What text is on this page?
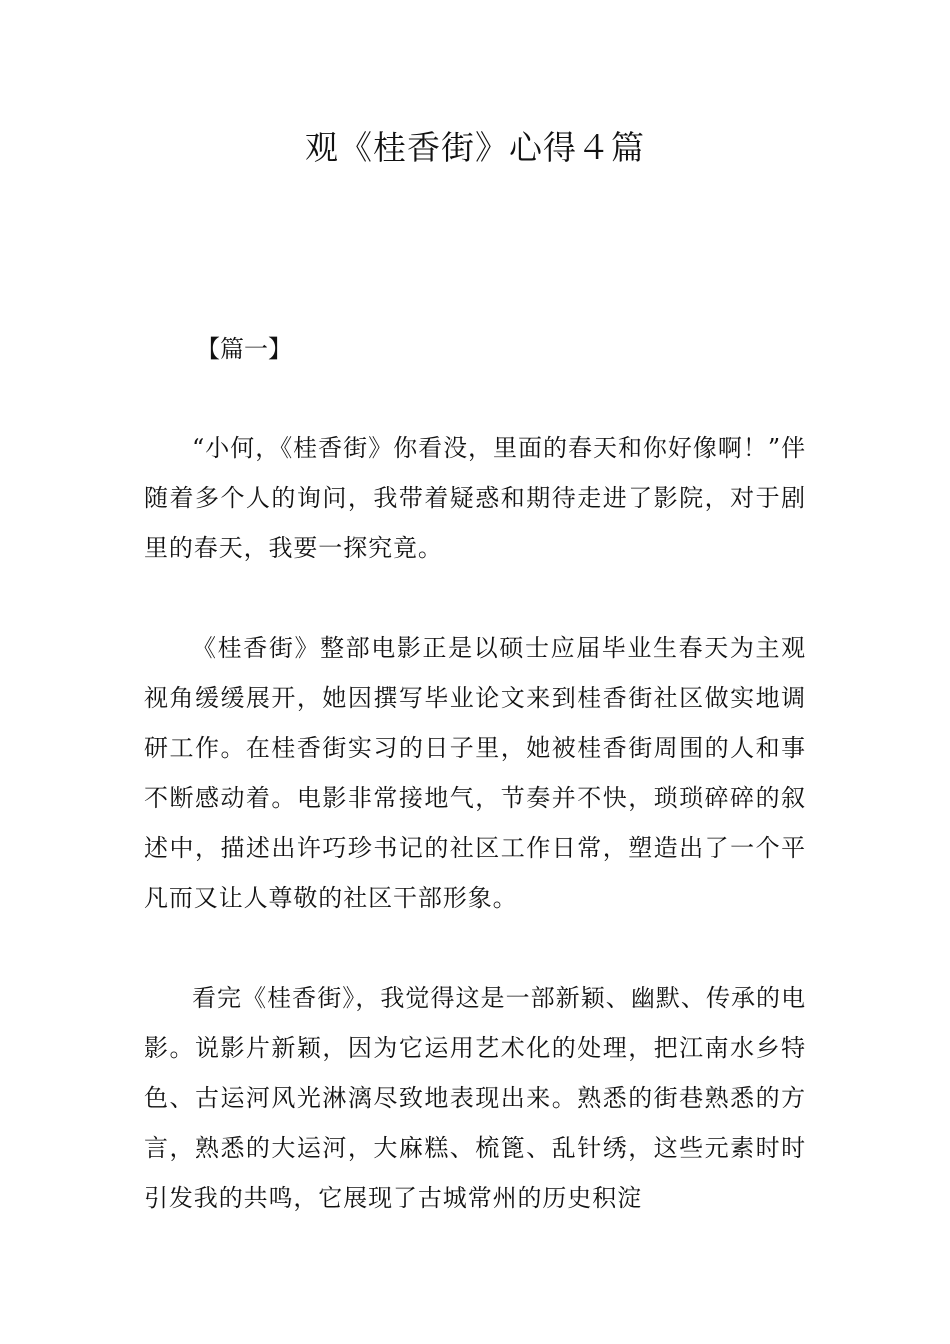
观《桂香街》心得４篇
【篇一】

“小何，《桂香街》你看没，里面的春天和你好像啊！”伴随着多个人的询问，我带着疑惑和期待走进了影院，对于剧里的春天，我要一探究竟。

《桂香街》整部电影正是以硕士应届毕业生春天为主观视角缓缓展开，她因撰写毕业论文来到桂香街社区做实地调研工作。在桂香街实习的日子里，她被桂香街周围的人和事不断感动着。电影非常接地气，节奏并不快，琐琐碎碎的叙述中，描述出许巧珍书记的社区工作日常，塑造出了一个平凡而又让人尊敬的社区干部形象。

看完《桂香街》，我觉得这是一部新颖、幽默、传承的电影。说影片新颖，因为它运用艺术化的处理，把江南水乡特色、古运河风光淋漓尽致地表现出来。熟悉的街巷熟悉的方言，熟悉的大运河，大麻糕、梳篦、乱针绣，这些元素时时引发我的共鸣，它展现了古城常州的历史积淀
